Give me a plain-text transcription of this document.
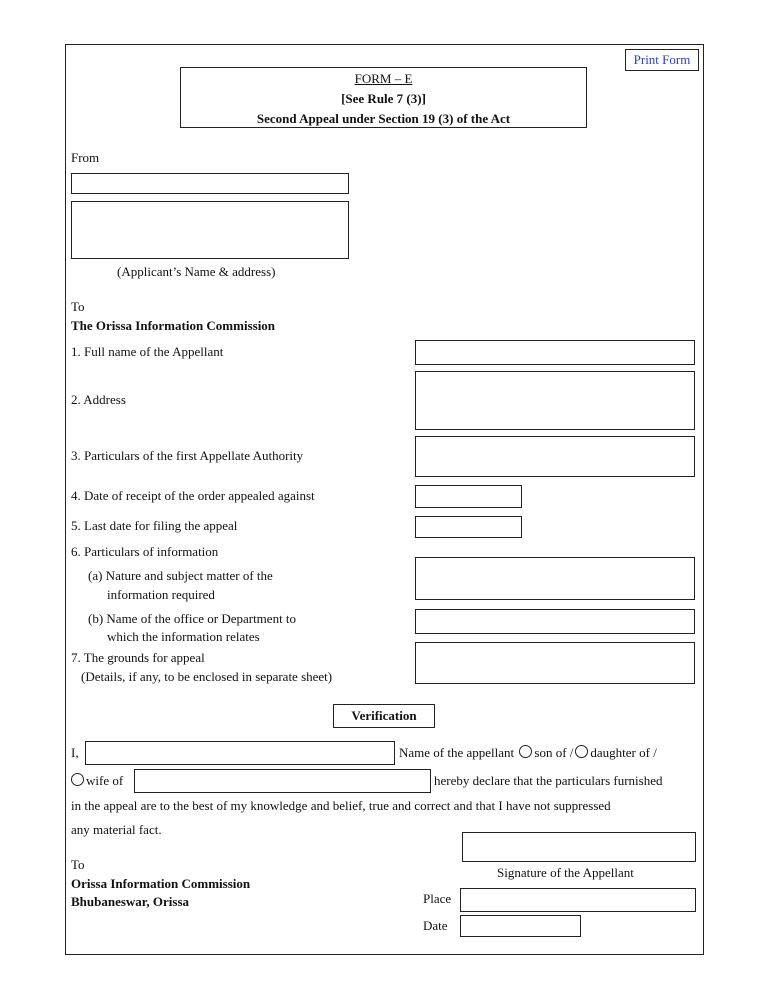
Print Form
FORM – E
[See Rule 7 (3)]
Second Appeal under Section 19 (3) of the Act
From
(Applicant’s Name & address)
To
The Orissa Information Commission
1. Full name of the Appellant
2. Address
3. Particulars of the first Appellate Authority
4. Date of receipt of the order appealed against
5. Last date for filing the appeal
6. Particulars of information
(a) Nature and subject matter of the
information required
(b) Name of the office or Department to
which the information relates
7. The grounds for appeal
(Details, if any, to be enclosed in separate sheet)
Verification
I,	Name of the appellant son of / daughter of /
wife of	hereby declare that the particulars furnished
in the appeal are to the best of my knowledge and belief, true and correct and that I have not suppressed
any material fact.
Signature of the Appellant
To
Orissa Information Commission
Bhubaneswar, Orissa	Place
Date
